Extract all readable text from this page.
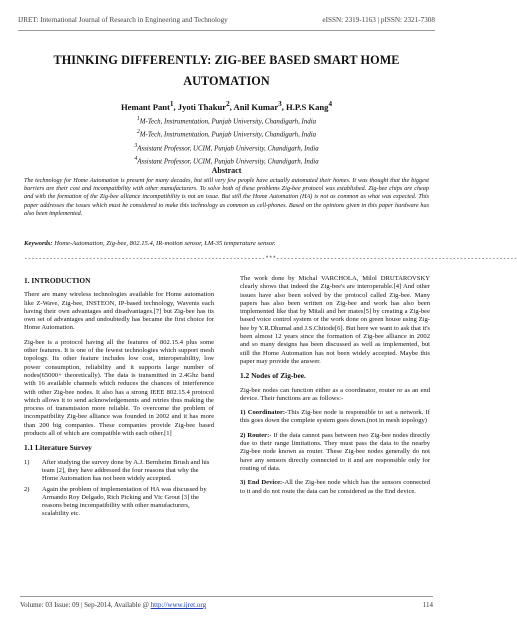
IJRET: International Journal of Research in Engineering and Technology	eISSN: 2319-1163 | pISSN: 2321-7308
THINKING DIFFERENTLY: ZIG-BEE BASED SMART HOME
AUTOMATION
Hemant Pant$^1$, Jyoti Thakur$^2$, Anil Kumar$^3$, H.P.S Kang$^4$
$^1$M-Tech, Instrumentation, Punjab University, Chandigarh, India
$^2$M-Tech, Instrumentation, Punjab University, Chandigarh, India
$^3$Assistant Professor, UCIM, Punjab University, Chandigarh, India
$^4$Assistant Professor, UCIM, Punjab University, Chandigarh, India
Abstract
The technology for Home Automation is present for many decades, but still very few people have actually automated their homes. It was thought that the biggest barriers are their cost and incompatibility with other manufacturers. To solve both of these problems Zig-bee protocol was established. Zig-bee chips are cheap and with the formation of the Zig-bee alliance incompatibility is not an issue. But still the Home Automation (HA) is not as common as what was expected. This paper addresses the issues which must be considered to make this technology as common as cell-phones. Based on the opinions given in this paper hardware has also been implemented.
Keywords: Home-Automation, Zig-bee, 802.15.4, IR-motion sensor, LM-35 temperature sensor.
-------------------------------------------------------------------***-------------------------------------------------------------------
1. INTRODUCTION

There are many wireless technologies available for Home automation like Z-Wave, Zig-bee, INSTEON, IP-based technology, Wavenis each having their own advantages and disadvantages.[7] but Zig-bee has its own set of advantages and undoubtedly has became the first choice for Home Automation.

Zig-bee is a protocol having all the features of 802.15.4 plus some other features. It is one of the fewest technologies which support mesh topology. Its other feature includes low cost, interoperability, low power consumption, reliability and it supports large number of nodes(65000+ theoretically). The data is transmitted in 2.4Ghz band with 16 available channels which reduces the chances of interference with other Zig-bee nodes. It also has a strong IEEE 802.15.4 protocol which allows it to send acknowledgements and retries thus making the process of transmission more reliable. To overcome the problem of incompatibility Zig-bee alliance was founded in 2002 and it has more than 200 big companies. These companies provide Zig-bee based products all of which are compatible with each other.[1]

1.1 Literature Survey
1)	After studying the survey done by A.J. Bernheim Brush and his team [2], they have addressed the four reasons that why the Home Automation has not been widely accepted.
2)	Again the problem of implementation of HA was discussed by Armando Roy Delgado, Rich Picking and Vic Grout [3] the reasons being incompatibility with other manufacturers, scalability etc.

The work done by Michal VARCHOLA, Milol DRUTAROVSKY clearly shows that indeed the Zig-bee's are interoperable.[4] And other issues have also been solved by the protocol called Zig-bee. Many papers has also been written on Zig-bee and work has also been implemented like that by Mitali and her mates[5] by creating a Zig-bee based voice control system or the work done on green house using Zig-bee by Y.R.Dhumal and J.S.Chitode[6]. But here we want to ask that it's been almost 12 years since the formation of Zig-bee alliance in 2002 and so many designs has been discussed as well as implemented, but still the Home Automation has not been widely accepted. Maybe this paper may provide the answer.

1.2 Nodes of Zig-bee.

Zig-bee nodes can function either as a coordinator, router or as an end device. Their functions are as follows:-

1) Coordinator:-This Zig-bee node is responsible to set a network. If this goes down the complete system goes down.(not in mesh topology)

2) Router:- If the data cannot pass between two Zig-bee nodes directly due to their range limitations. They must pass the data to the nearby Zig-bee node known as router. These Zig-bee nodes generally do not have any sensors directly connected to it and are responsible only for routing of data.

3) End Device:-All the Zig-bee node which has the sensors connected to it and do not route the data can be considered as the End device.

Volume: 03 Issue: 09 | Sep-2014, Available @ http://www.ijret.org	114
